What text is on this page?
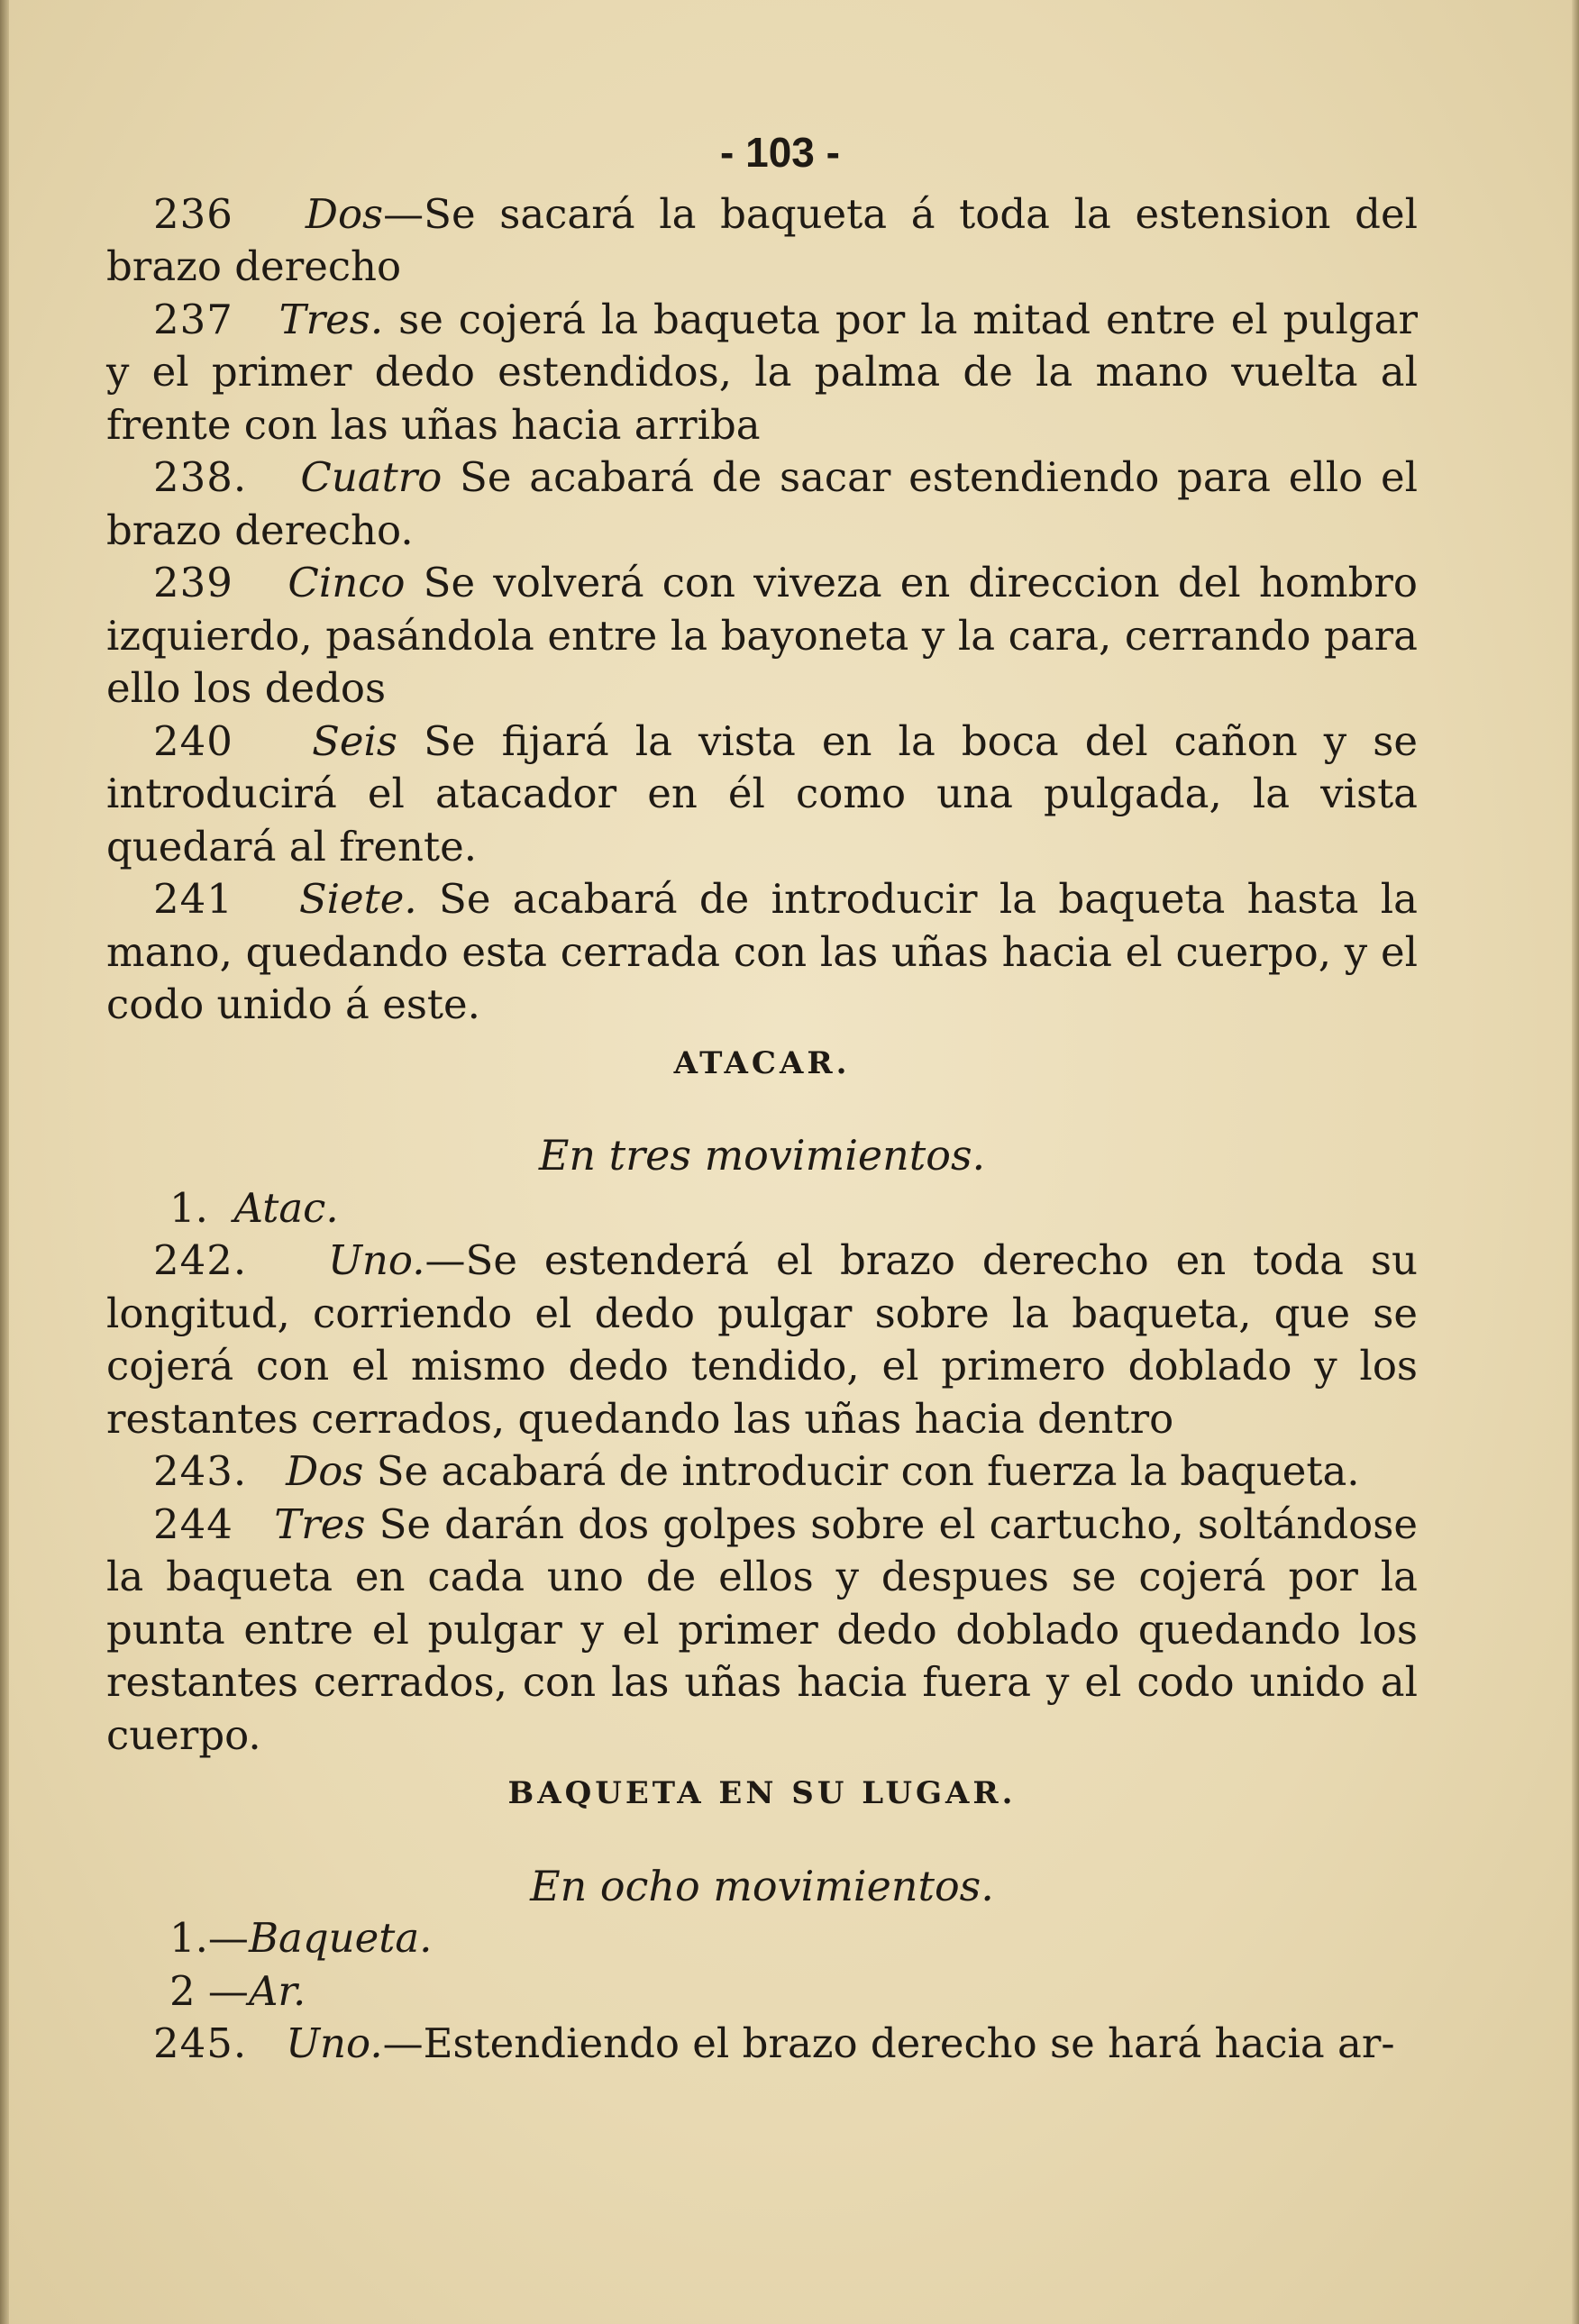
- 103 -

236 Dos—Se sacará la baqueta á toda la estension del brazo derecho

237 Tres. se cojerá la baqueta por la mitad entre el pulgar y el primer dedo estendidos, la palma de la mano vuelta al frente con las uñas hacia arriba

238. Cuatro Se acabará de sacar estendiendo para ello el brazo derecho.

239 Cinco Se volverá con viveza en direccion del hombro izquierdo, pasándola entre la bayoneta y la cara, cerrando para ello los dedos

240 Seis Se fijará la vista en la boca del cañon y se introducirá el atacador en él como una pulgada, la vista quedará al frente.

241 Siete. Se acabará de introducir la baqueta hasta la mano, quedando esta cerrada con las uñas hacia el cuerpo, y el codo unido á este.

ATACAR.
En tres movimientos.

1. Atac.

242. Uno.—Se estenderá el brazo derecho en toda su longitud, corriendo el dedo pulgar sobre la baqueta, que se cojerá con el mismo dedo tendido, el primero doblado y los restantes cerrados, quedando las uñas hacia dentro

243. Dos Se acabará de introducir con fuerza la baqueta.

244 Tres Se darán dos golpes sobre el cartucho, soltándose la baqueta en cada uno de ellos y despues se cojerá por la punta entre el pulgar y el primer dedo doblado quedando los restantes cerrados, con las uñas hacia fuera y el codo unido al cuerpo.

BAQUETA EN SU LUGAR.
En ocho movimientos.

1.—Baqueta.

2 —Ar.

245. Uno.—Estendiendo el brazo derecho se hará hacia ar-
